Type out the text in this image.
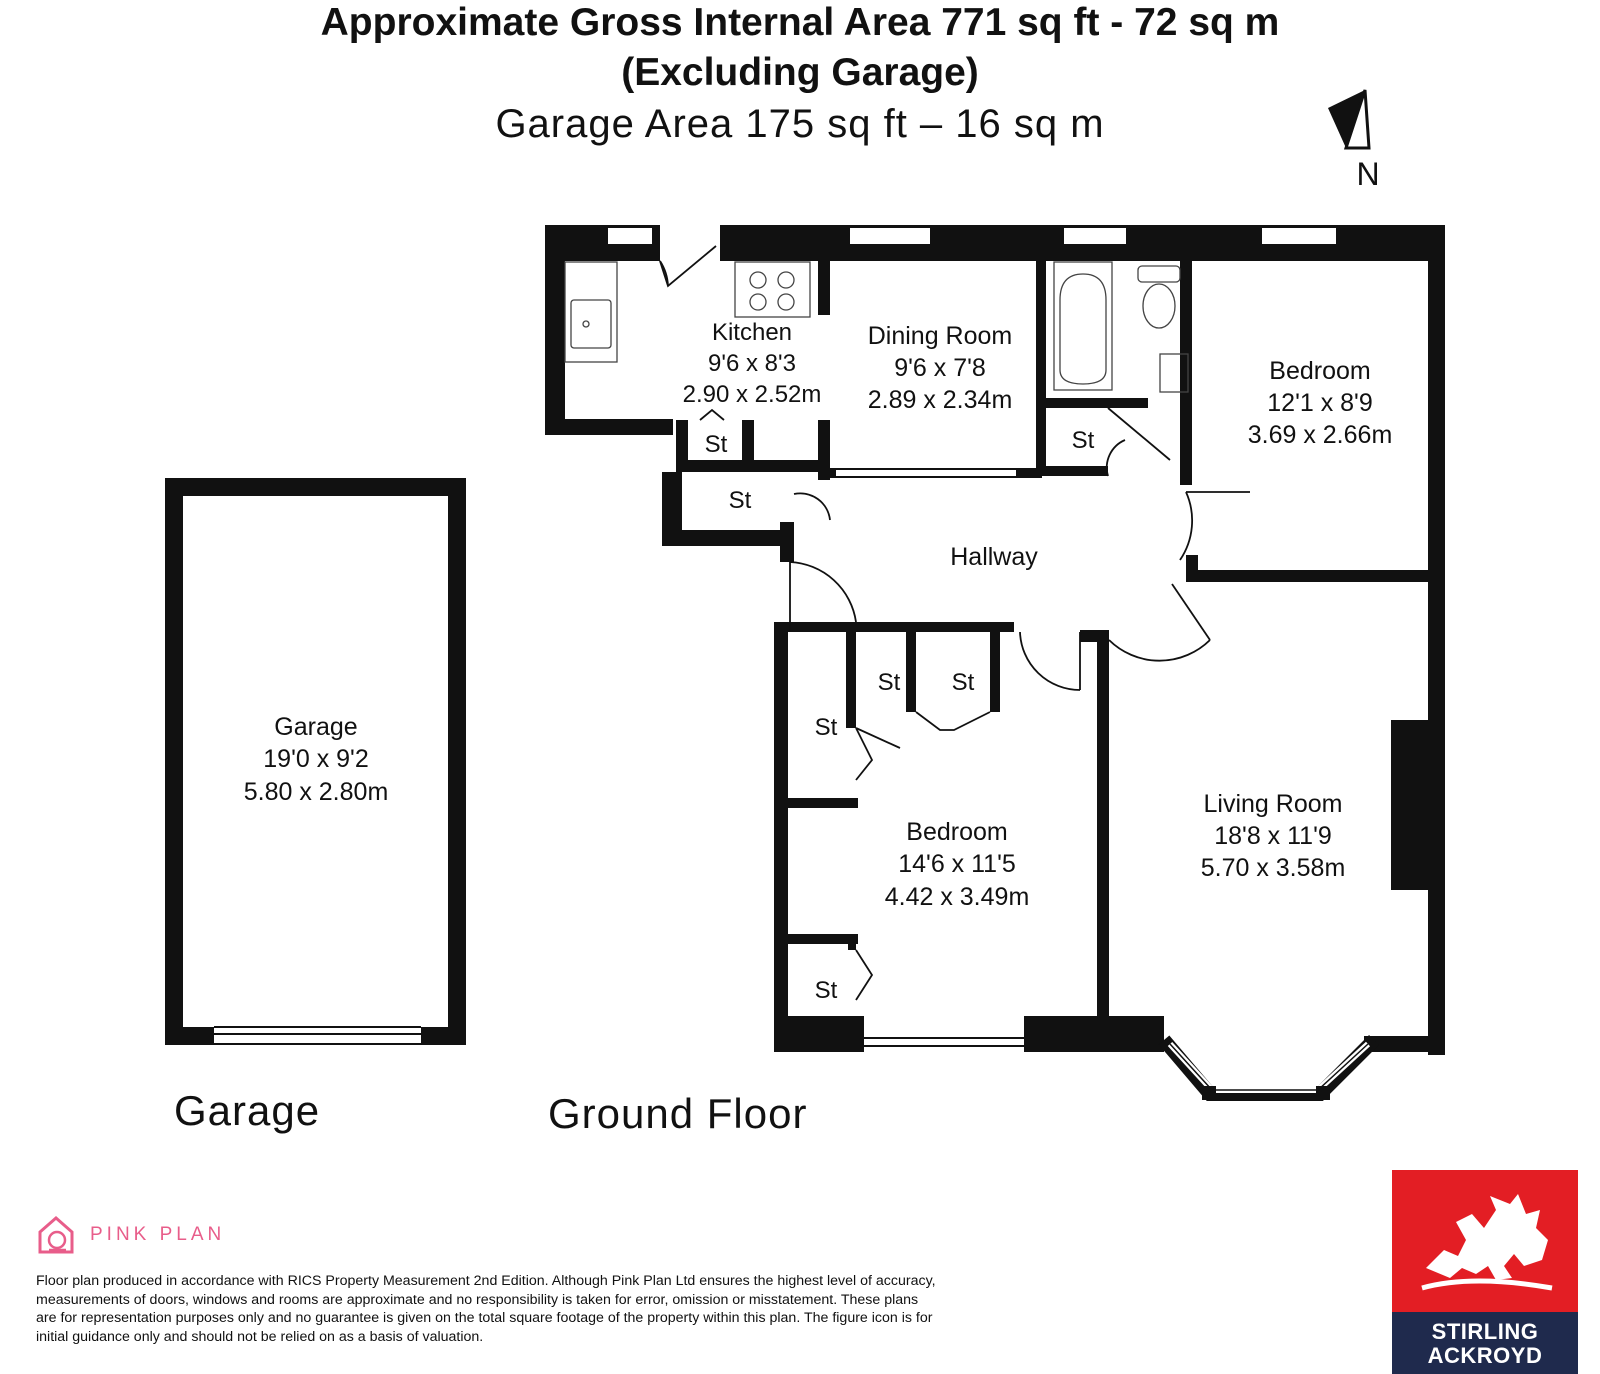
Approximate Gross Internal Area 771 sq ft - 72 sq m
(Excluding Garage)
Garage Area 175 sq ft – 16 sq m
N
Garage
19'0 x 9'2
5.80 x 2.80m
Kitchen
9'6 x 8'3
2.90 x 2.52m
Dining Room
9'6 x 7'8
2.89 x 2.34m
Bedroom
12'1 x 8'9
3.69 x 2.66m
Hallway
Bedroom
14'6 x 11'5
4.42 x 3.49m
Living Room
18'8 x 11'9
5.70 x 3.58m
St
St
St
St St
St
St
Garage	Ground Floor
PINK PLAN
Floor plan produced in accordance with RICS Property Measurement 2nd Edition. Although Pink Plan Ltd ensures the highest level of accuracy, measurements of doors, windows and rooms are approximate and no responsibility is taken for error, omission or misstatement. These plans are for representation purposes only and no guarantee is given on the total square footage of the property within this plan. The figure icon is for initial guidance only and should not be relied on as a basis of valuation.	STIRLING
ACKROYD
